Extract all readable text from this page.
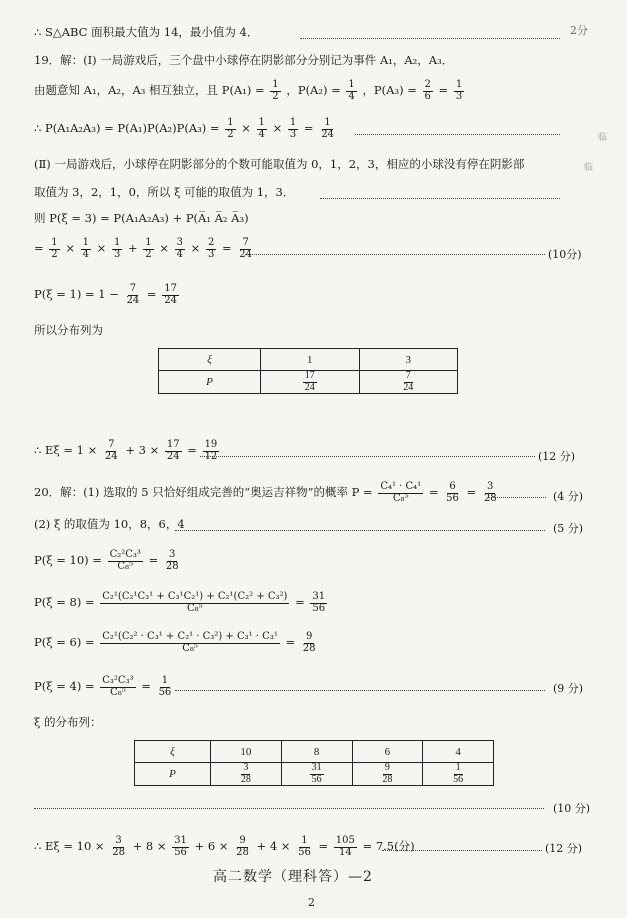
∴ S△ABC 面积最大值为 14，最小值为 4．	2分
19．解：(Ⅰ) 一局游戏后，三个盘中小球停在阴影部分分别记为事件 A₁，A₂，A₃．
由题意知 A₁，A₂，A₃ 相互独立，且 $P(A_1) = \frac{1}{2}$ ，$P(A_2) = \frac{1}{4}$ ，$P(A_3) = \frac{2}{6} = \frac{1}{3}$
∴ $P(A_1A_2A_3) = P(A_1)P(A_2)P(A_3) = \frac{1}{2} \times \frac{1}{4} \times \frac{1}{3} = \frac{1}{24}$	临
(Ⅱ) 一局游戏后，小球停在阴影部分的个数可能取值为 0，1，2，3，相应的小球没有停在阴影部	临
取值为 3，2，1，0，所以 ξ 可能的取值为 1，3．
则 P(ξ = 3) = P(A₁A₂A₃) + P(A̅₁ A̅₂ A̅₃)
= $\frac{1}{2} \times \frac{1}{4} \times \frac{1}{3} + \frac{1}{2} \times \frac{3}{4} \times \frac{2}{3} = \frac{7}{24}$	(10分)
$P(\xi = 1) = 1 - \frac{7}{24} = \frac{17}{24}$
所以分布列为
ξ	1	3
P	$\frac{17}{24}$	$\frac{7}{24}$
∴ $E\xi = 1 \times \frac{7}{24} + 3 \times \frac{17}{24} = \frac{19}{12}$	(12 分)
20．解：(1) 选取的 5 只恰好组成完善的“奥运吉祥物”的概率 $P = \frac{\text{C₄¹ · C₄¹}}{\text{C₈⁵}} = \frac{6}{56} = \frac{3}{28}$	(4 分)
(2) ξ 的取值为 10，8，6，4	(5 分)
$P(\xi = 10) = \frac{\text{C₂²C₃³}}{\text{C₈⁵}} = \frac{3}{28}$
$P(\xi = 8) = \frac{\text{C₂¹(C₂¹C₃¹ + C₃¹C₂¹) + C₂¹(C₂² + C₃²)}}{\text{C₈⁵}} = \frac{31}{56}$
$P(\xi = 6) = \frac{\text{C₂¹(C₂² · C₃¹ + C₂¹ · C₃²) + C₃¹ · C₃¹}}{\text{C₈⁵}} = \frac{9}{28}$
$P(\xi = 4) = \frac{\text{C₃²C₃³}}{\text{C₈⁵}} = \frac{1}{56}$	(9 分)
ξ 的分布列：
ξ	10	8	6	4
P	$\frac{3}{28}$	$\frac{31}{56}$	$\frac{9}{28}$	$\frac{1}{56}$
(10 分)
∴ $E\xi = 10 \times \frac{3}{28} + 8 \times \frac{31}{56} + 6 \times \frac{9}{28} + 4 \times \frac{1}{56} = \frac{105}{14} = 7.5$(分)	(12 分)
高二数学（理科答）—2
2
